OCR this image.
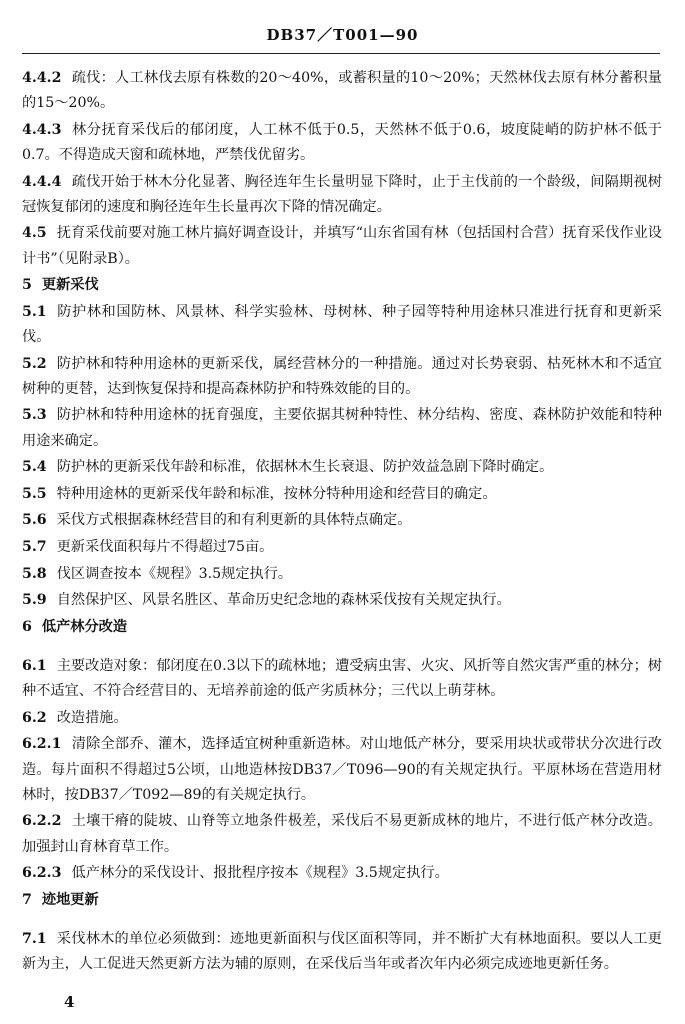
DB37／T001—90

4.4.2 疏伐：人工林伐去原有株数的20～40%，或蓄积量的10～20%；天然林伐去原有林分蓄积量的15～20%。

4.4.3 林分抚育采伐后的郁闭度，人工林不低于0.5，天然林不低于0.6，坡度陡峭的防护林不低于0.7。不得造成天窗和疏林地，严禁伐优留劣。

4.4.4 疏伐开始于林木分化显著、胸径连年生长量明显下降时，止于主伐前的一个龄级，间隔期视树冠恢复郁闭的速度和胸径连年生长量再次下降的情况确定。

4.5 抚育采伐前要对施工林片搞好调查设计，并填写“山东省国有林（包括国村合营）抚育采伐作业设计书”（见附录B）。

5 更新采伐

5.1 防护林和国防林、风景林、科学实验林、母树林、种子园等特种用途林只准进行抚育和更新采伐。

5.2 防护林和特种用途林的更新采伐，属经营林分的一种措施。通过对长势衰弱、枯死林木和不适宜树种的更替，达到恢复保持和提高森林防护和特殊效能的目的。

5.3 防护林和特种用途林的抚育强度，主要依据其树种特性、林分结构、密度、森林防护效能和特种用途来确定。

5.4 防护林的更新采伐年龄和标准，依据林木生长衰退、防护效益急剧下降时确定。

5.5 特种用途林的更新采伐年龄和标准，按林分特种用途和经营目的确定。

5.6 采伐方式根据森林经营目的和有利更新的具体特点确定。

5.7 更新采伐面积每片不得超过75亩。

5.8 伐区调查按本《规程》3.5规定执行。

5.9 自然保护区、风景名胜区、革命历史纪念地的森林采伐按有关规定执行。

6 低产林分改造

6.1 主要改造对象：郁闭度在0.3以下的疏林地；遭受病虫害、火灾、风折等自然灾害严重的林分；树种不适宜、不符合经营目的、无培养前途的低产劣质林分；三代以上萌芽林。

6.2 改造措施。

6.2.1 清除全部乔、灌木，选择适宜树种重新造林。对山地低产林分，要采用块状或带状分次进行改造。每片面积不得超过5公顷，山地造林按DB37／T096—90的有关规定执行。平原林场在营造用材林时，按DB37／T092—89的有关规定执行。

6.2.2 土壤干瘠的陡坡、山脊等立地条件极差，采伐后不易更新成林的地片，不进行低产林分改造。加强封山育林育草工作。

6.2.3 低产林分的采伐设计、报批程序按本《规程》3.5规定执行。

7 迹地更新

7.1 采伐林木的单位必须做到：迹地更新面积与伐区面积等同，并不断扩大有林地面积。要以人工更新为主，人工促进天然更新方法为辅的原则，在采伐后当年或者次年内必须完成迹地更新任务。

4
